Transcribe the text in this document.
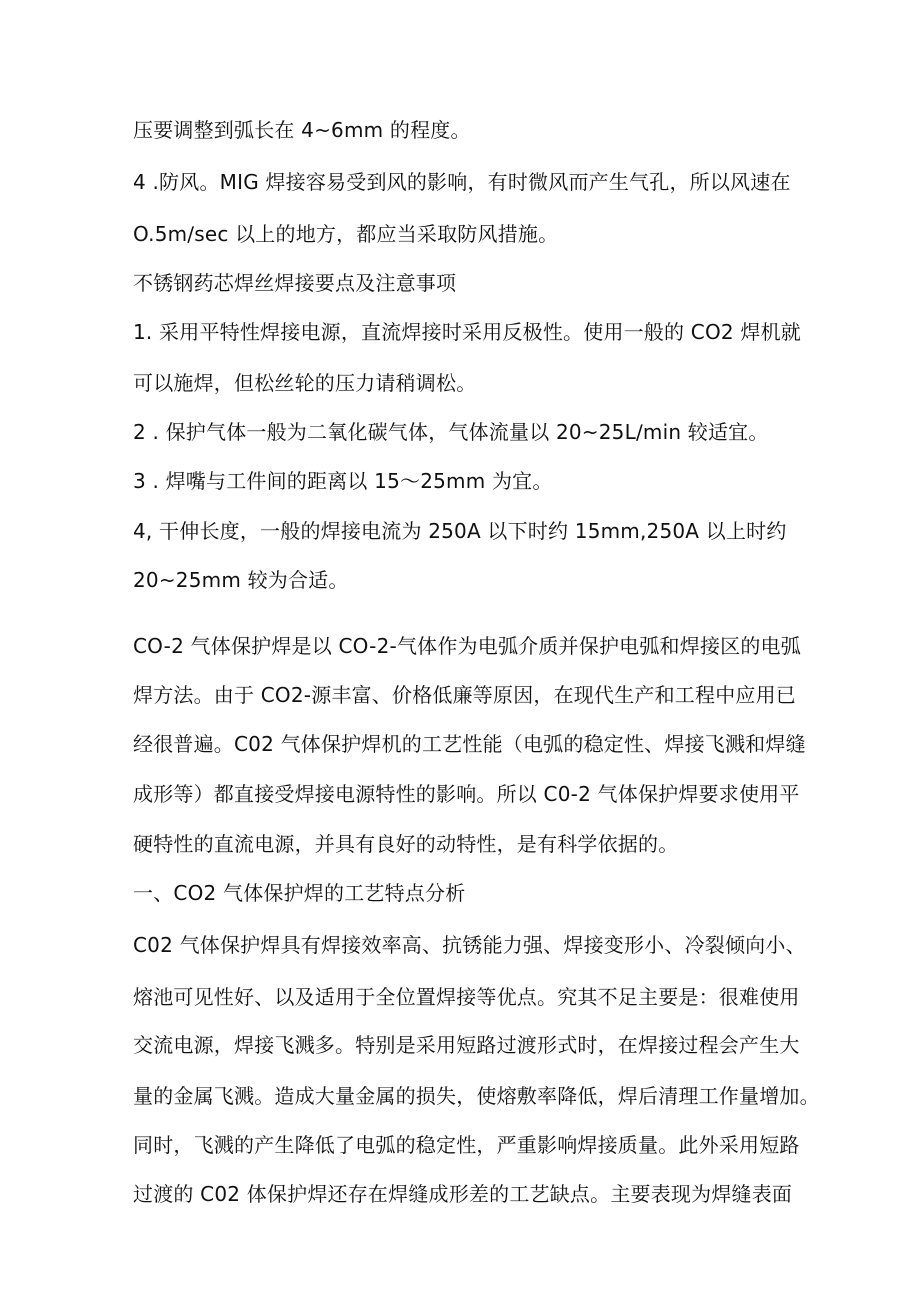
压要调整到弧长在 4~6mm 的程度。
4 .防风。MIG 焊接容易受到风的影响，有时微风而产生气孔，所以风速在
O.5m∕sec 以上的地方，都应当采取防风措施。
不锈钢药芯焊丝焊接要点及注意事项
1. 采用平特性焊接电源，直流焊接时采用反极性。使用一般的 CO2 焊机就
可以施焊，但松丝轮的压力请稍调松。
2 . 保护气体一般为二氧化碳气体，气体流量以 20~25L∕min 较适宜。
3 . 焊嘴与工件间的距离以 15～25mm 为宜。
4, 干伸长度，一般的焊接电流为 250A 以下时约 15mm,250A 以上时约
20~25mm 较为合适。
CO-2 气体保护焊是以 CO-2-气体作为电弧介质并保护电弧和焊接区的电弧
焊方法。由于 CO2-源丰富、价格低廉等原因，在现代生产和工程中应用已
经很普遍。C02 气体保护焊机的工艺性能（电弧的稳定性、焊接飞溅和焊缝
成形等）都直接受焊接电源特性的影响。所以 C0-2 气体保护焊要求使用平
硬特性的直流电源，并具有良好的动特性，是有科学依据的。
一、CO2 气体保护焊的工艺特点分析
C02 气体保护焊具有焊接效率高、抗锈能力强、焊接变形小、冷裂倾向小、
熔池可见性好、以及适用于全位置焊接等优点。究其不足主要是：很难使用
交流电源，焊接飞溅多。特别是采用短路过渡形式时，在焊接过程会产生大
量的金属飞溅。造成大量金属的损失，使熔敷率降低，焊后清理工作量增加。
同时，飞溅的产生降低了电弧的稳定性，严重影响焊接质量。此外采用短路
过渡的 C02 体保护焊还存在焊缝成形差的工艺缺点。主要表现为焊缝表面
